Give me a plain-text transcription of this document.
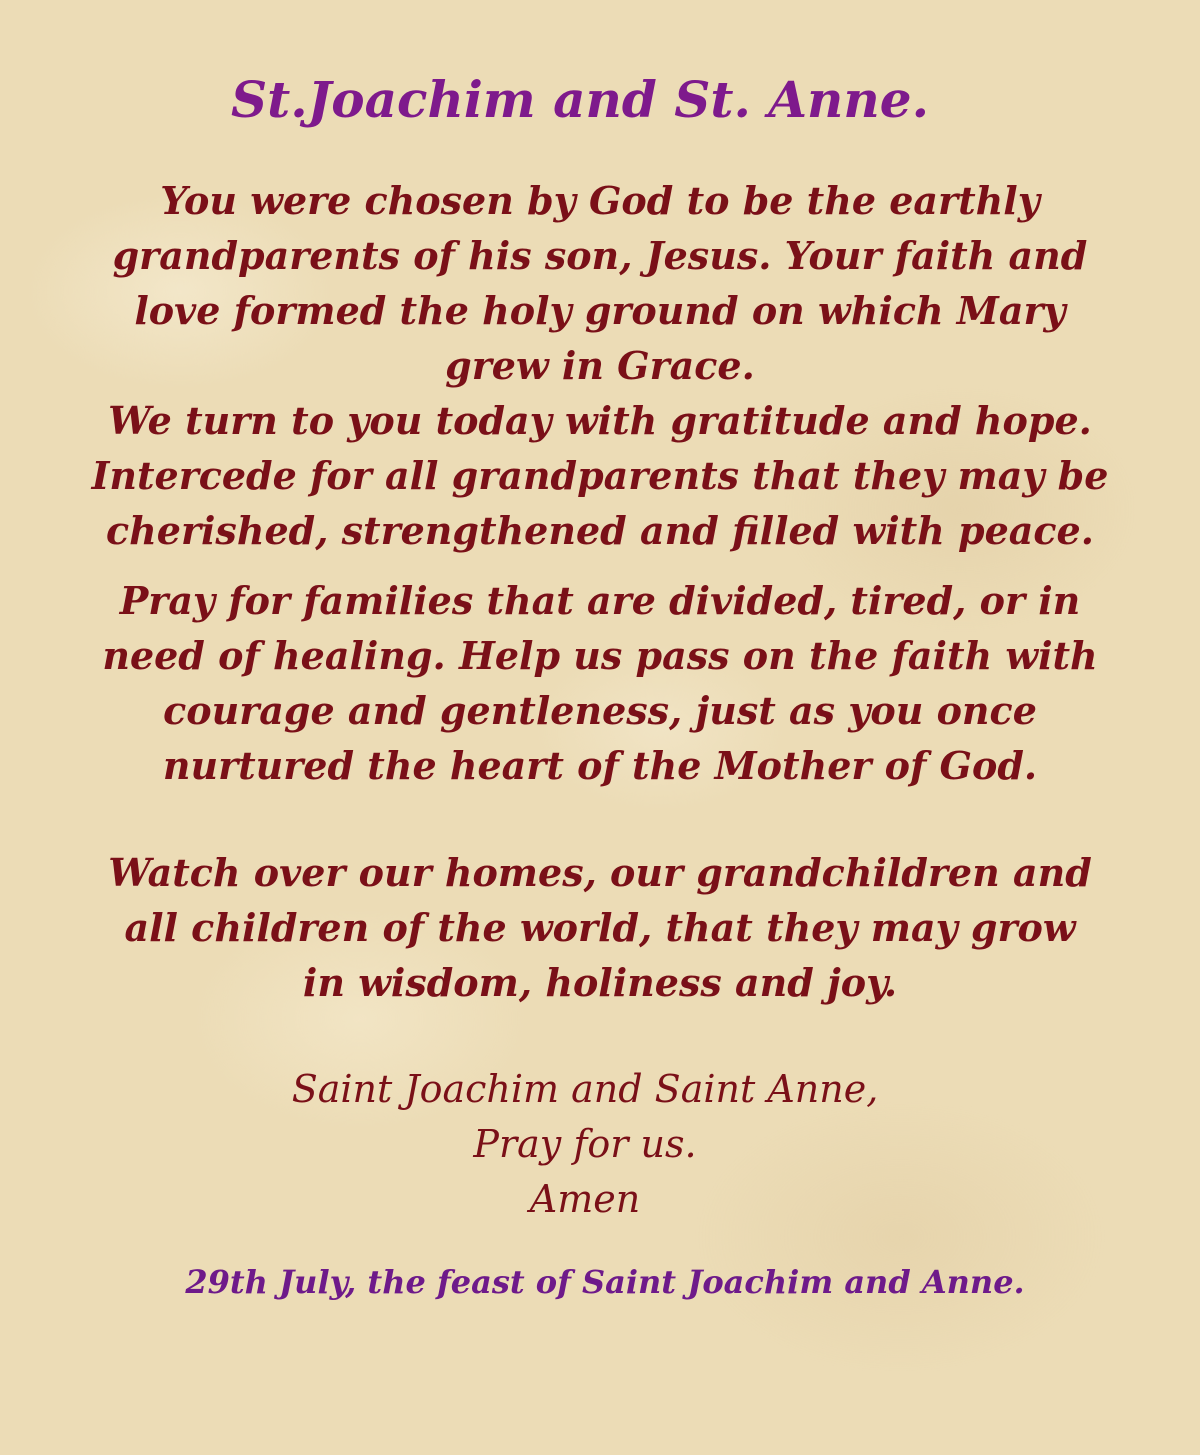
St.Joachim and St. Anne.

You were chosen by God to be the earthly
grandparents of his son, Jesus. Your faith and
love formed the holy ground on which Mary
grew in Grace.
We turn to you today with gratitude and hope.
Intercede for all grandparents that they may be
cherished, strengthened and filled with peace.

Pray for families that are divided, tired, or in
need of healing. Help us pass on the faith with
courage and gentleness, just as you once
nurtured the heart of the Mother of God.

Watch over our homes, our grandchildren and
all children of the world, that they may grow
in wisdom, holiness and joy.

Saint Joachim and Saint Anne,
Pray for us.
Amen

29th July, the feast of Saint Joachim and Anne.
